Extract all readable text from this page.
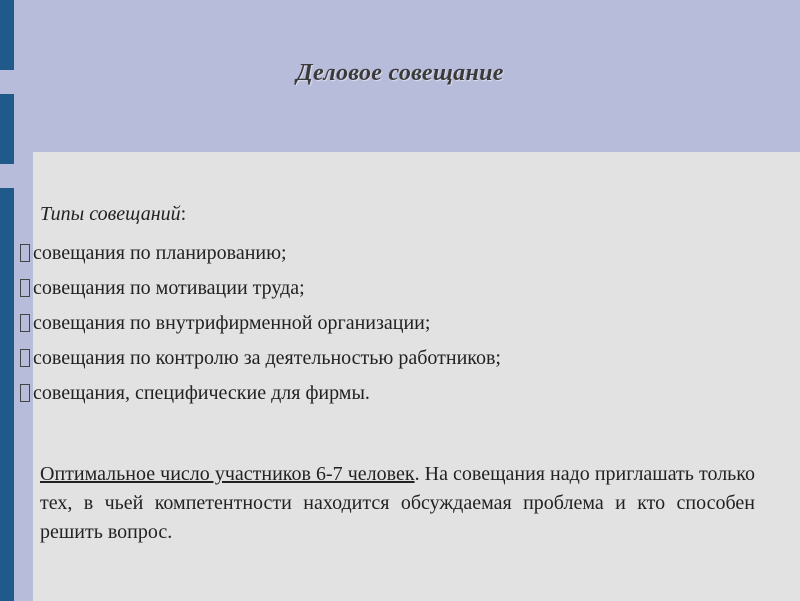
Деловое совещание
Типы совещаний:
совещания по планированию;
совещания по мотивации труда;
совещания по внутрифирменной организации;
совещания по контролю за деятельностью работников;
совещания, специфические для фирмы.
Оптимальное число участников 6-7 человек. На совещания надо приглашать только тех, в чьей компетентности находится обсуждаемая проблема и кто способен решить вопрос.
